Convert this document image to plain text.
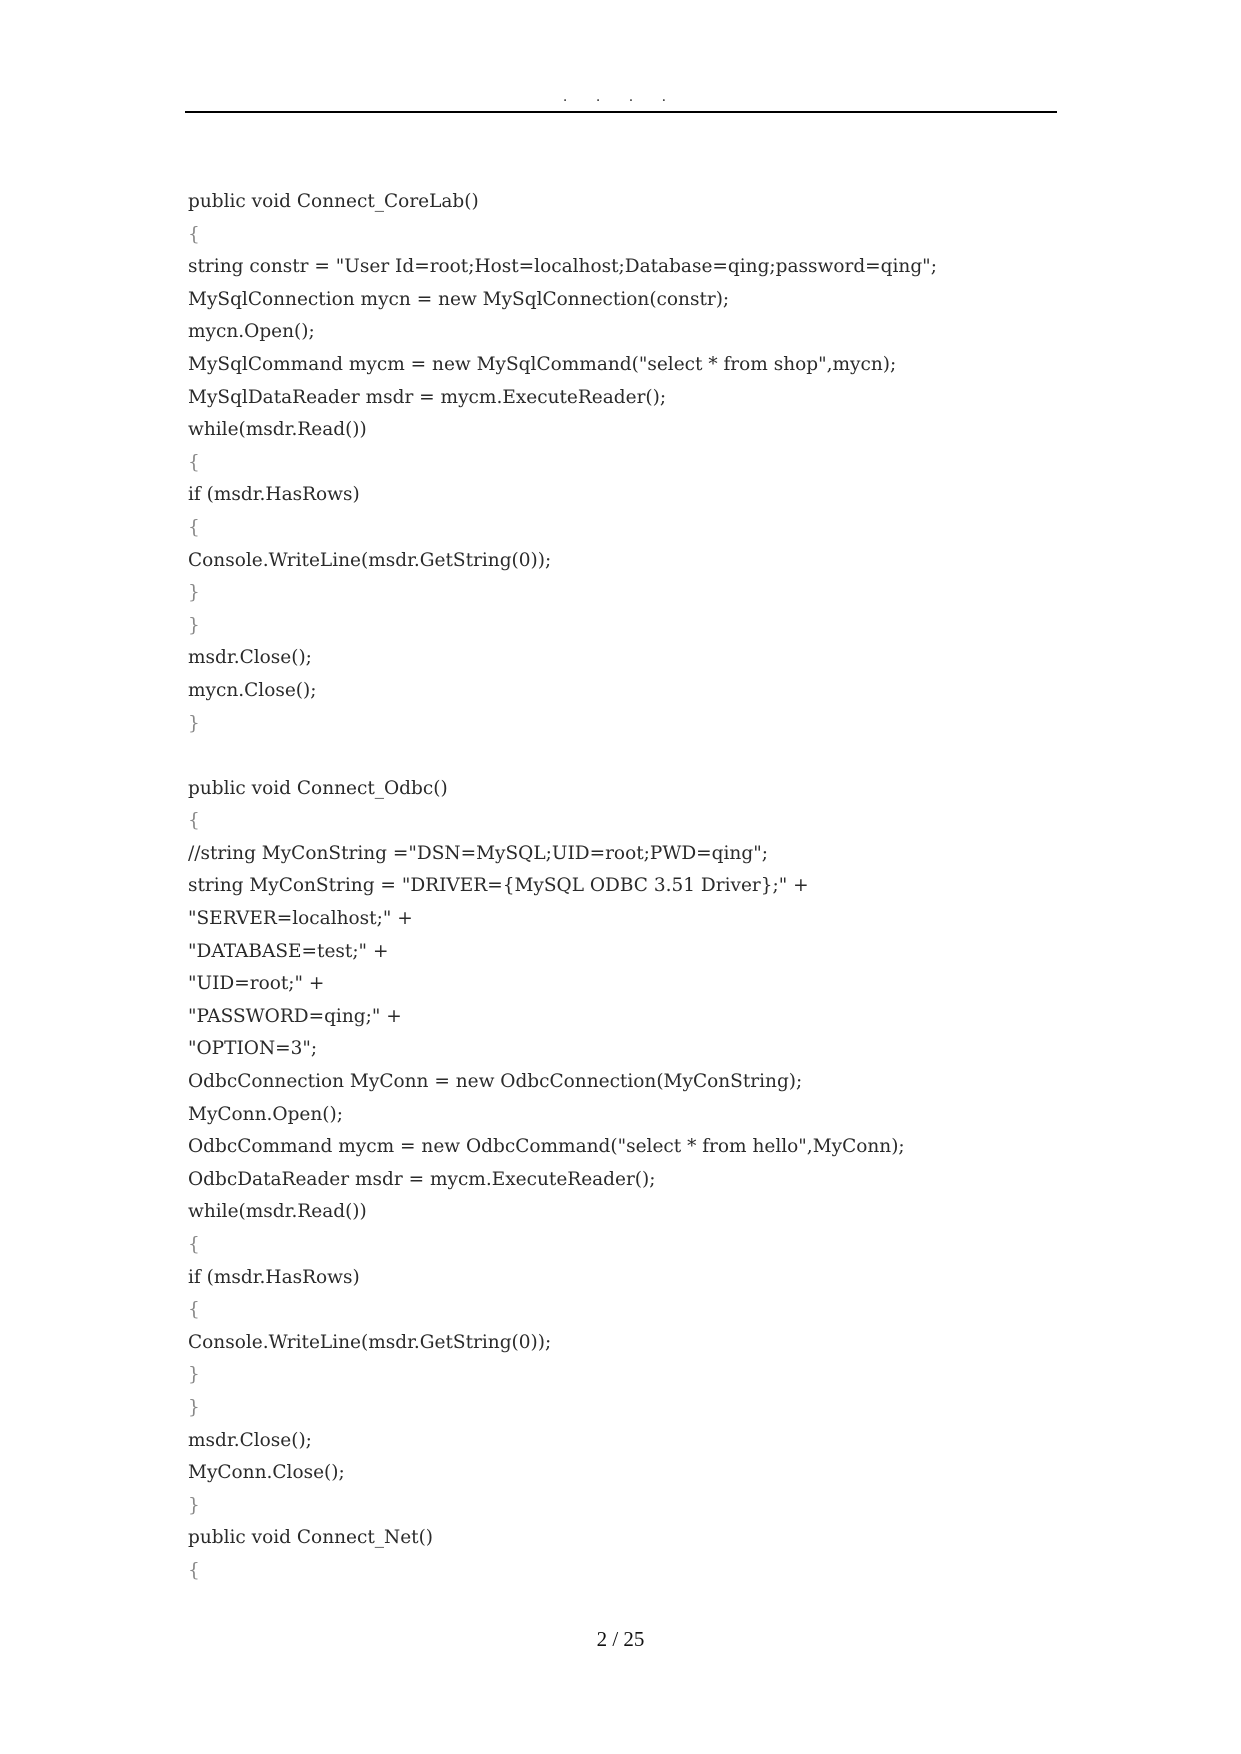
. . . .
public void Connect_CoreLab()
{
string constr = "User Id=root;Host=localhost;Database=qing;password=qing";
MySqlConnection mycn = new MySqlConnection(constr);
mycn.Open();
MySqlCommand mycm = new MySqlCommand("select * from shop",mycn);
MySqlDataReader msdr = mycm.ExecuteReader();
while(msdr.Read())
{
if (msdr.HasRows)
{
Console.WriteLine(msdr.GetString(0));
}
}
msdr.Close();
mycn.Close();
}
public void Connect_Odbc()
{
//string MyConString ="DSN=MySQL;UID=root;PWD=qing";
string MyConString = "DRIVER={MySQL ODBC 3.51 Driver};" +
"SERVER=localhost;" +
"DATABASE=test;" +
"UID=root;" +
"PASSWORD=qing;" +
"OPTION=3";
OdbcConnection MyConn = new OdbcConnection(MyConString);
MyConn.Open();
OdbcCommand mycm = new OdbcCommand("select * from hello",MyConn);
OdbcDataReader msdr = mycm.ExecuteReader();
while(msdr.Read())
{
if (msdr.HasRows)
{
Console.WriteLine(msdr.GetString(0));
}
}
msdr.Close();
MyConn.Close();
}
public void Connect_Net()
{
2 / 25
